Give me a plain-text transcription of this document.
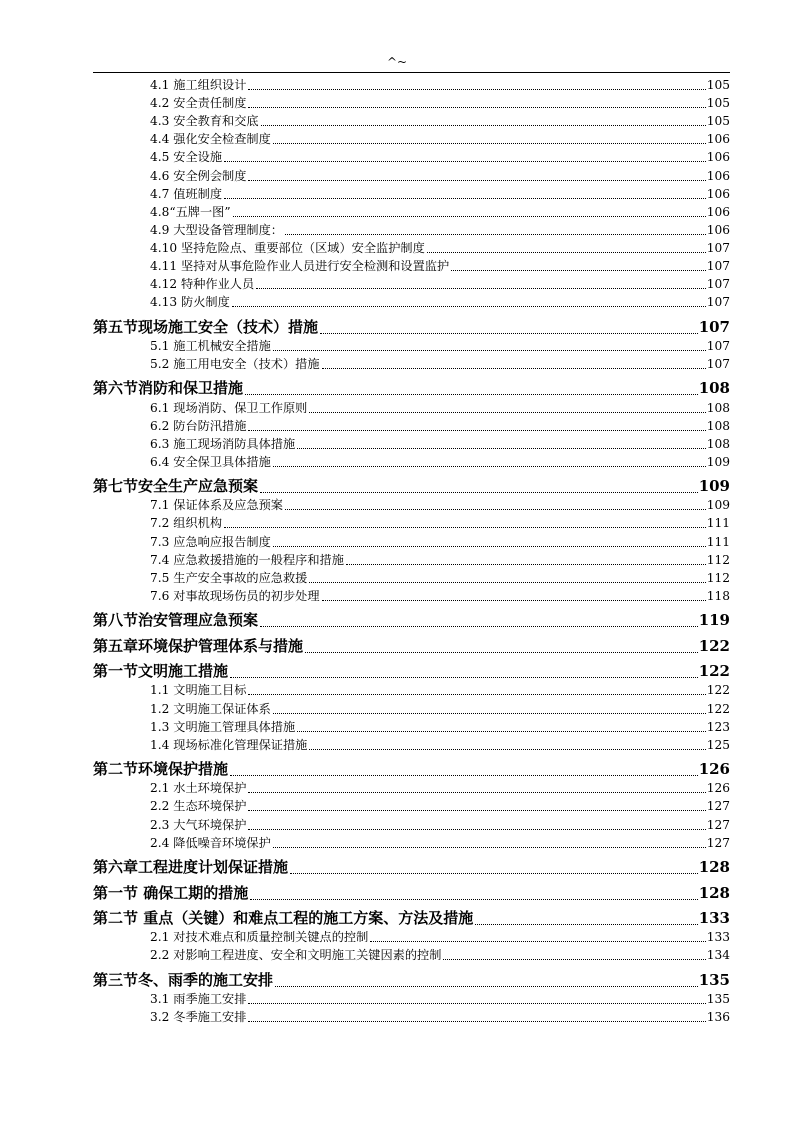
^~
4.1 施工组织设计	105
4.2 安全责任制度	105
4.3 安全教育和交底	105
4.4 强化安全检查制度	106
4.5 安全设施	106
4.6 安全例会制度	106
4.7 值班制度	106
4.8“五牌一图”	106
4.9 大型设备管理制度：	106
4.10 坚持危险点、重要部位（区域）安全监护制度	107
4.11 坚持对从事危险作业人员进行安全检测和设置监护	107
4.12 特种作业人员	107
4.13 防火制度	107
第五节现场施工安全（技术）措施	107
5.1 施工机械安全措施	107
5.2 施工用电安全（技术）措施	107
第六节消防和保卫措施	108
6.1 现场消防、保卫工作原则	108
6.2 防台防汛措施	108
6.3 施工现场消防具体措施	108
6.4 安全保卫具体措施	109
第七节安全生产应急预案	109
7.1 保证体系及应急预案	109
7.2 组织机构	111
7.3 应急响应报告制度	111
7.4 应急救援措施的一般程序和措施	112
7.5 生产安全事故的应急救援	112
7.6 对事故现场伤员的初步处理	118
第八节治安管理应急预案	119
第五章环境保护管理体系与措施	122
第一节文明施工措施	122
1.1 文明施工目标	122
1.2 文明施工保证体系	122
1.3 文明施工管理具体措施	123
1.4 现场标准化管理保证措施	125
第二节环境保护措施	126
2.1 水土环境保护	126
2.2 生态环境保护	127
2.3 大气环境保护	127
2.4 降低噪音环境保护	127
第六章工程进度计划保证措施	128
第一节 确保工期的措施	128
第二节 重点（关键）和难点工程的施工方案、方法及措施	133
2.1 对技术难点和质量控制关键点的控制	133
2.2 对影响工程进度、安全和文明施工关键因素的控制	134
第三节冬、雨季的施工安排	135
3.1 雨季施工安排	135
3.2 冬季施工安排	136
